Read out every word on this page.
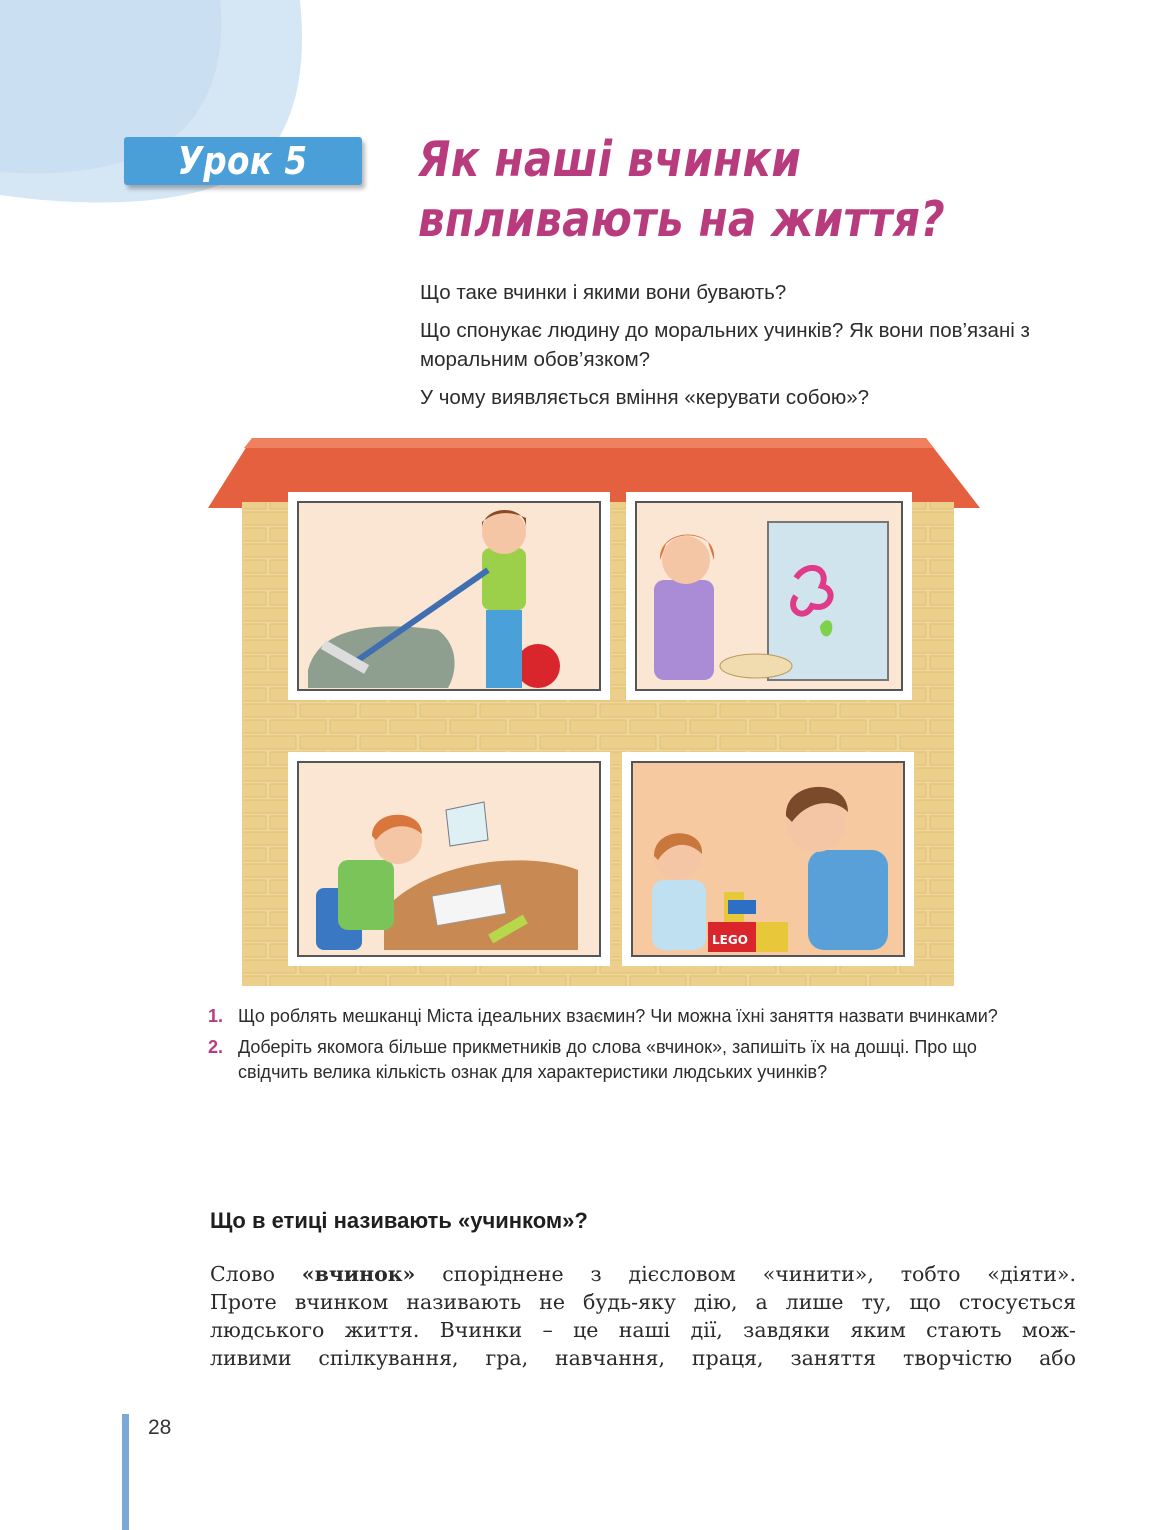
Урок 5 Як наші вчинки
впливають на життя?

Що таке вчинки і якими вони бувають?

Що спонукає людину до моральних учинків? Як вони пов’язані з моральним обов’язком?

У чому виявляється вміння «керувати собою»?

LEGO
1. Що роблять мешканці Міста ідеальних взаємин? Чи можна їхні заняття назвати вчинками?
2. Доберіть якомога більше прикметників до слова «вчинок», запишіть їх на дошці. Про що свідчить велика кількість ознак для характеристики людських учинків?
Що в етиці називають «учинком»?

Слово «вчинок» споріднене з дієсловом «чинити», тобто «діяти».
Проте вчинком називають не будь-яку дію, а лише ту, що стосується
людського життя. Вчинки – це наші дії, завдяки яким стають мож-
ливими спілкування, гра, навчання, праця, заняття творчістю або

28
